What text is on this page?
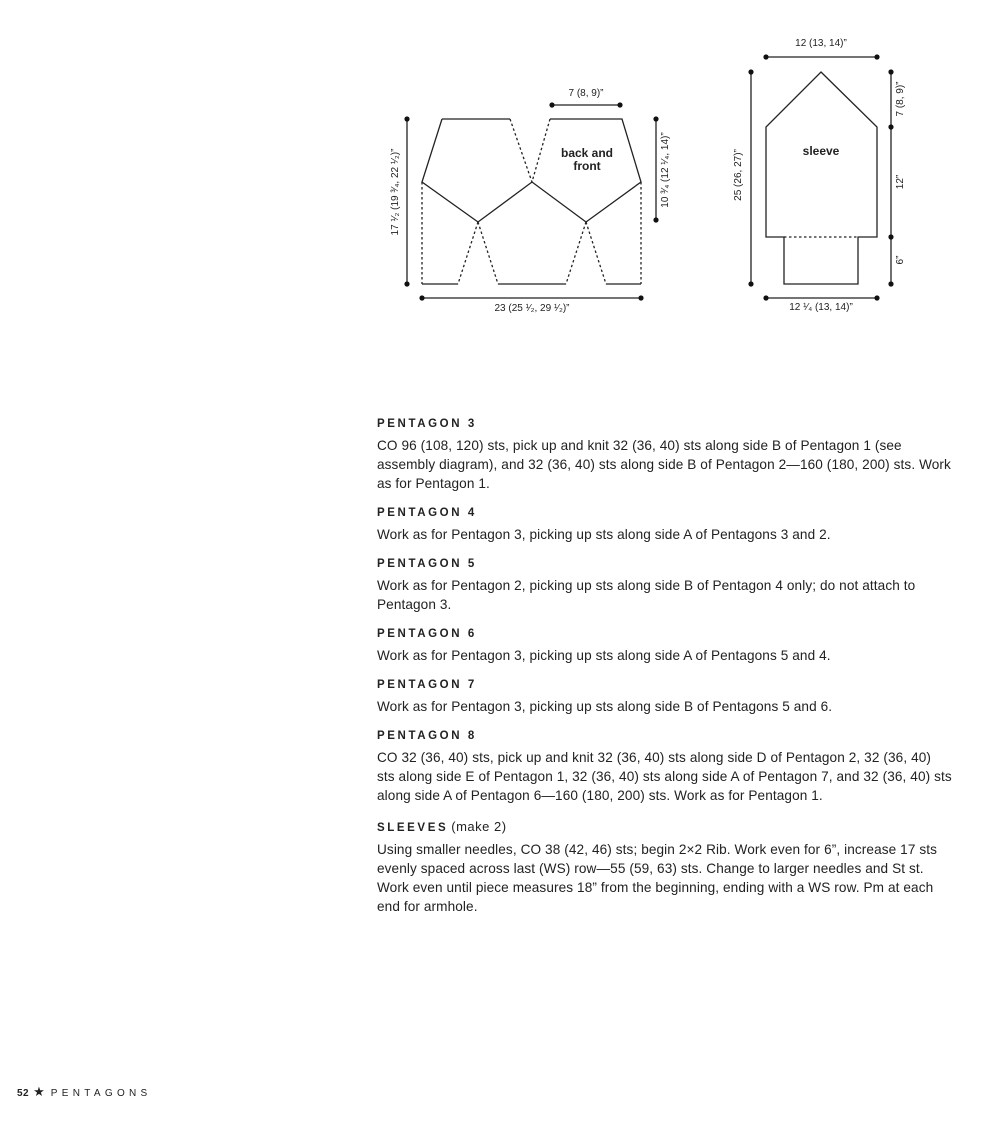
back and
front
7 (8, 9)”
10 ³⁄₄ (12 ¹⁄₄, 14)”
17 ¹⁄₂ (19 ³⁄₄, 22 ¹⁄₂)”
23 (25 ¹⁄₂, 29 ¹⁄₂)”
sleeve
12 (13, 14)”
25 (26, 27)”
7 (8, 9)”
12”
6”
12 ¹⁄₄ (13, 14)”
PENTAGON 3

CO 96 (108, 120) sts, pick up and knit 32 (36, 40) sts along side B of Pentagon 1 (see assembly diagram), and 32 (36, 40) sts along side B of Pentagon 2—160 (180, 200) sts. Work as for Pentagon 1.

PENTAGON 4

Work as for Pentagon 3, picking up sts along side A of Pentagons 3 and 2.

PENTAGON 5

Work as for Pentagon 2, picking up sts along side B of Pentagon 4 only; do not attach to Pentagon 3.

PENTAGON 6

Work as for Pentagon 3, picking up sts along side A of Pentagons 5 and 4.

PENTAGON 7

Work as for Pentagon 3, picking up sts along side B of Pentagons 5 and 6.

PENTAGON 8

CO 32 (36, 40) sts, pick up and knit 32 (36, 40) sts along side D of Pentagon 2, 32 (36, 40) sts along side E of Pentagon 1, 32 (36, 40) sts along side A of Pentagon 7, and 32 (36, 40) sts along side A of Pentagon 6—160 (180, 200) sts. Work as for Pentagon 1.

SLEEVES (make 2)

Using smaller needles, CO 38 (42, 46) sts; begin 2×2 Rib. Work even for 6”, increase 17 sts evenly spaced across last (WS) row—55 (59, 63) sts. Change to larger needles and St st. Work even until piece measures 18” from the beginning, ending with a WS row. Pm at each end for armhole.

52 ★ PENTAGONS
